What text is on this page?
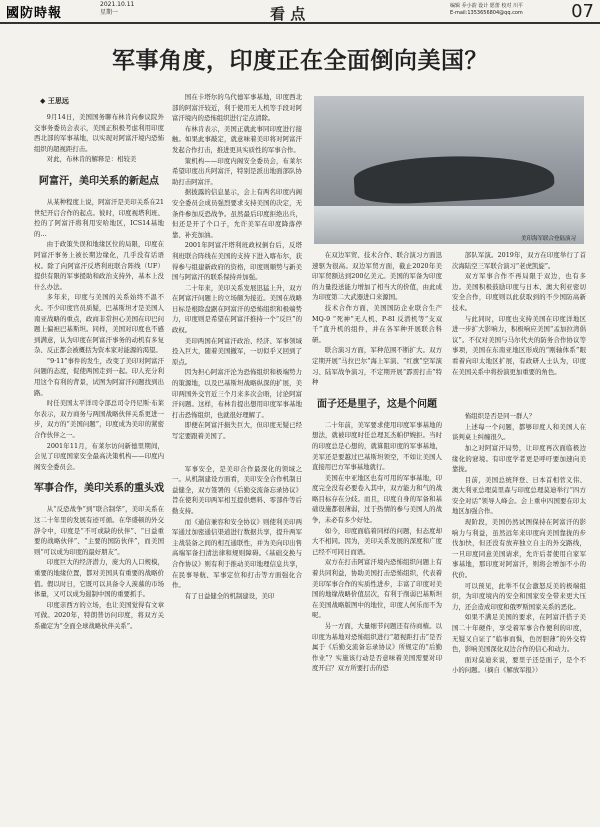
國防時報
2021.10.11
星期一	看 点	编辑 乔小韵 设计 愿蕾 校对 川平
E-mail:1353656804@qq.com	07
军事角度，印度正在全面倒向美国？
◆ 王思远
美印海军联合登陆演习

9月14日，美国国务聊布林肯向参议院外交事务委员会表示，美国正积极考虑利用印度西北部的军事基地，以实现对阿富汗境内恐怖组织的超视距打击。

对此，布林肯的解释是：相较美

阿富汗，美印关系的新起点

从某种程度上说，阿富汗是美印关系在21世纪开启合作的起点。彼时，印度视塔利班、控的了阿富汗将利用安哈地区，ICS14基地的…

由于政策失误和地缘区位的局限，印度在阿富汗事务上被长期边缘化，几乎没有话语权。除了向阿富汗反塔利班联合阵线（UF）提供有限的军事援助和政治支持外，基本上没什么办法。

多年来，印度与美国的关系始终不温不火。不少印度官员质疑，巴基斯坦才是美国人南亚战略的重点，政商非常担心美国在印巴问题上偏袒巴基斯坦。同样，美国对印度也不感到满意，认为印度在阿富汗事务的动机有多复杂、反正都会被概括为资本家对能源的渴望。

“9·11”事件的发生，改变了美印对阿富汗问题的态度，促使两国走到一起。印人充分利用这个有利的背景，试图为阿富汗问题找到出路。

时任美国太平洋司令部总司令丹尼斯·布莱尔表示，双方商务与两国战略伙伴关系更进一步，双方的“美国问题”，印度成为美印的紧密合作伙伴之一。

2001年11月，布莱尔访问新德里期间，会见了印度国家安全最高决策机构——印度内阁安全委员会。

军事合作，美印关系的重头戏

从“反恐战争”到“联合制华”，美印关系在这二十年里的发展有迹可循。在华盛顿的外交辞令中，印度是“不可或缺的伙伴”、“日益重要的战略伙伴”、“主要的国防伙伴”，而美国则“可以成为印度的最好朋友”。

印度巨大的经济潜力，庞大的人口规模，重要的地缘位置，都对美国具有重要的战略价值。假以时日，它既可以具备令人羡慕的市场体量，又可以成为遏制中国的重要抓手。

印度亲西方的立场，也让美国觉得有文章可做。2020年，特朗普访问印度，将双方关系确定为“全面全球战略伙伴关系”。

国在卡塔尔的乌代德军事基地，印度西北部的阿富汗较近，利于使用无人机等手段对阿富汗境内的恐怖组织进行定点清除。

布林肯表示，美国正就此事同印度进行接触。如果此事敲定，就意味着美印将对阿富汗发起合作打击，推进更具实质性的军事合作。

策机构——印度内阁安全委员会，布莱尔希望印度出兵阿富汗，特别是派出地面部队协助打击阿富汗。

据披露的信息显示，会上有两名印度内阁安全委员会成员强烈要求支持美国的决定，无条件参加反恐战争。虽然最后印度拒绝出兵，但还是开了个口子，允许美军在印度降落停靠、补充加油。

2001年阿富汗塔利班政权倒台后，反塔利班联合阵线在美国的支持下进入喀布尔，获得参与组建新政府的资格，印度则顺势与新美国与阿富汗的联系保持并加强。

二十年来，美印关系发展迅猛上升，双方在阿富汗问题上的立场颇为接近。美国在战略日标是根除盘踞在阿富汗的恐怖组织和极端势力，印度则是希望在阿富汗推持一个“反巨”的政权。

美印两国在阿富汗政治、经济、军事领域投入巨大，随着美国撤军，一切似乎又回到了原点。

因为担心阿富汗沦为恐怖组织和极端势力的策源地，以及巴基斯坦战略纵深的扩展，美印两国外交官近三个月来多次会晤，讨论阿富汗问题。这样，布林肯提出想用印度军事基地打击恐怖组织，也就很好理解了。

即便在阿富汗损失巨大，但印度无疑已经写定要跟着美国了。

军事安全，是美印合作最深化的领域之一。从机制建设方面看，美印安全合作机制日益健全，双方签署的《后勤交流备忘录协议》旨在使利美印两军相互提供燃料、零部件等后勤支持。

而《通信兼容和安全协议》则使利美印两军通过加密通信渠道进行数据共享，提升两军主战装备之间的相互通联性，并为美向印出售高端军备扫清法律和规则障碍。《基础交换与合作协议》则有利于推动美印地理信息共享，在民事导航、军事定位和打击等方面强化合作。

有了日益健全的机制建设，美印

在双边军贸、技术合作、联合演习方面迅速驱为很高。双边军贸方面，截止2020年美印军贸额达到200亿美元。美国的军备为印度的力量投送能力增加了相当大的价值，由此成为印度第二大武器进口来源国。

技术合作方面，美国国防企业联合生产 MQ-9 “死神”无人机、P-8I 反潜机等“支双千”直升机的组件，并在各军种开展联合科研。

联合演习方面，军种范围不断扩大。双方定期开展“马拉巴尔”海上军演、“红旗”空军演习、陆军战争演习，不定期开展“霹雳打击”特种

面子还是里子，这是个问题

二十年前，美军要求使用印度军事基地的想法，就被印度时任总理瓦杰帕伊婉拒。当时的印度总是心想的，就算阻印度的军事基地，美军还是要越过巴基斯坦领空，不如让美国人直接用巴方军事基地就行。

美国在中亚地区也有可用的军事基地，印度完全没有必要卷入其中，双方能力和气的战略目标存在分歧。而且，印度自身的军备和基础设施都很薄弱，过于热情的参与美国人的战争，未必有多少好处。

如今，印度面临着同样的问题，但态度却大不相同。因为，美印关系发展的深度和广度已经不可同日而语。

双方在打击阿富汗境内恐怖组织问题上有着共同利益，协助美国打击恐怖组织，代表着美印军事合作的实质性进步，丰富了印度对美国的地缘战略价值层次，有利于削弱巴基斯坦在美国战略版图中的地位，印度人何乐而不为呢。

另一方面，大量细节问题还有待商榷。以印度为基地对恐怖组织进行“超视距打击”是否属于《后勤交流备忘录协议》所规定的“后勤作业”？实施该行动是否意味着美国需要对印度开启？双方所要打击的恐

部队军演。2019年，双方在印度举行了首次海陆空三军联合演习“老虎凯旋”。

双方军事合作不再局限于双边，也有多边。美国积极鼓励印度与日本、澳大利亚密切安全合作，印度则以此获取到的不少国防高新技术。

与此同时，印度也支持美国在印度洋地区进一步扩大影响力，积极响应美国“孟加拉湾倡议”。不仅对美国与马尔代夫的防务合作协议等事项，美国在东南亚地区形成的“刚轴体系”眼看着向印太地区扩展，有政研人士认为，印度在美国关系中将扮演更加重要的角色。

怖组织是否是同一群人？

上述每一个问题，都够印度人和美国人在谈判桌上纠缠很久。

加之对阿富汗局势，让印度再次面临极边缘化的窘境。有印度学者更是呼吁要加速向美靠拢。

目前，美国总统拜登、日本首相菅义伟、澳大利亚总理莫里森与印度总理莫迪举行“四方安全对话”领导人峰会。会上重申四国要在印太地区加强合作。

现阶段，美国仍然试图保持在阿富汗的影响力与利益，虽然远年来印度向美国靠拢的步伐加快，但还没有放弃独立自主的外交路线，一旦印度同意美国请求，允许后者使用自家军事基地，那印度对阿富汗，则将会增加不小的代价。

可以预见，此举不仅会激怒反美的极端组织，为印度境内的安全和国家安全带来更大压力，还会造成印度和俄罗斯国家关系的恶化。

如果不满足美国的要求，在阿富汗搭子美国二十年硬件，享受着军事合作便利的印度，无疑又自证了“临事而惧，色厉胆薄”的外交特色，影响美国深化双边合作的信心和动力。

面对莫迪来说，要里子还是面子，是个不小的问题。（摘自《解放军报》）
